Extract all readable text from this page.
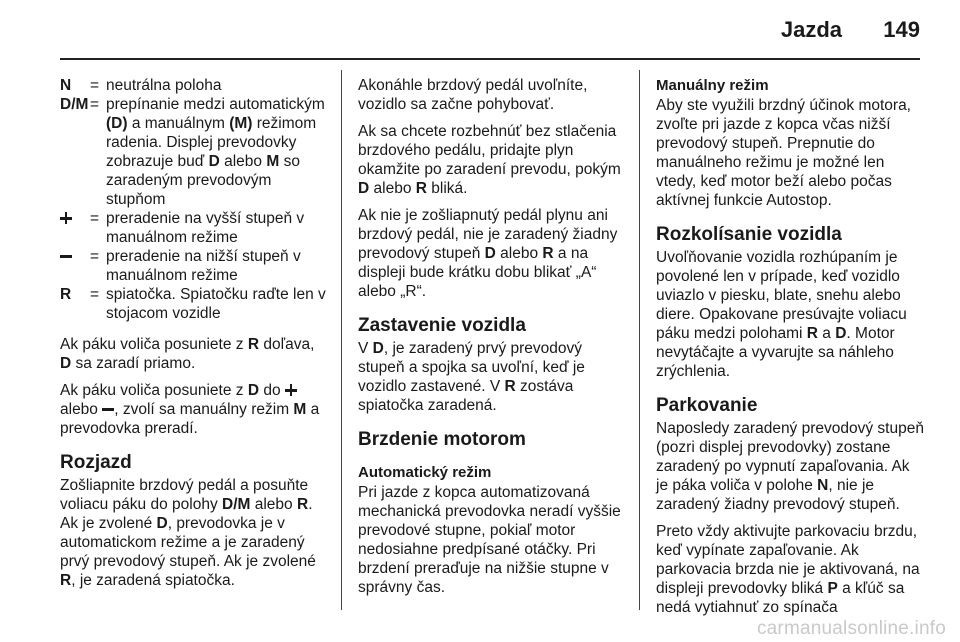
Jazda 149
N	=	neutrálna poloha
D/M	=	prepínanie medzi automatickým (D) a manuálnym (M) režimom radenia. Displej prevodovky zobrazuje buď D alebo M so zaradeným prevodovým stupňom
	=	preradenie na vyšší stupeň v manuálnom režime
	=	preradenie na nižší stupeň v manuálnom režime
R	=	spiatočka. Spiatočku raďte len v stojacom vozidle

Ak páku voliča posuniete z R doľava, D sa zaradí priamo.

Ak páku voliča posuniete z D do  alebo , zvolí sa manuálny režim M a prevodovka preradí.

Rozjazd

Zošliapnite brzdový pedál a posuňte voliacu páku do polohy D/M alebo R. Ak je zvolené D, prevodovka je v automatickom režime a je zaradený prvý prevodový stupeň. Ak je zvolené R, je zaradená spiatočka.

Akonáhle brzdový pedál uvoľníte, vozidlo sa začne pohybovať.

Ak sa chcete rozbehnúť bez stlačenia brzdového pedálu, pridajte plyn okamžite po zaradení prevodu, pokým D alebo R bliká.

Ak nie je zošliapnutý pedál plynu ani brzdový pedál, nie je zaradený žiadny prevodový stupeň D alebo R a na displeji bude krátku dobu blikať „A“ alebo „R“.

Zastavenie vozidla

V D, je zaradený prvý prevodový stupeň a spojka sa uvoľní, keď je vozidlo zastavené. V R zostáva spiatočka zaradená.

Brzdenie motorom
Automatický režim

Pri jazde z kopca automatizovaná mechanická prevodovka neradí vyššie prevodové stupne, pokiaľ motor nedosiahne predpísané otáčky. Pri brzdení preraďuje na nižšie stupne v správny čas.

Manuálny režim

Aby ste využili brzdný účinok motora, zvoľte pri jazde z kopca včas nižší prevodový stupeň. Prepnutie do manuálneho režimu je možné len vtedy, keď motor beží alebo počas aktívnej funkcie Autostop.

Rozkolísanie vozidla

Uvoľňovanie vozidla rozhúpaním je povolené len v prípade, keď vozidlo uviazlo v piesku, blate, snehu alebo diere. Opakovane presúvajte voliacu páku medzi polohami R a D. Motor nevytáčajte a vyvarujte sa náhleho zrýchlenia.

Parkovanie

Naposledy zaradený prevodový stupeň (pozri displej prevodovky) zostane zaradený po vypnutí zapaľovania. Ak je páka voliča v polohe N, nie je zaradený žiadny prevodový stupeň.

Preto vždy aktivujte parkovaciu brzdu, keď vypínate zapaľovanie. Ak parkovacia brzda nie je aktivovaná, na displeji prevodovky bliká P a kľúč sa nedá vytiahnuť zo spínača

carmanualsonline.info
